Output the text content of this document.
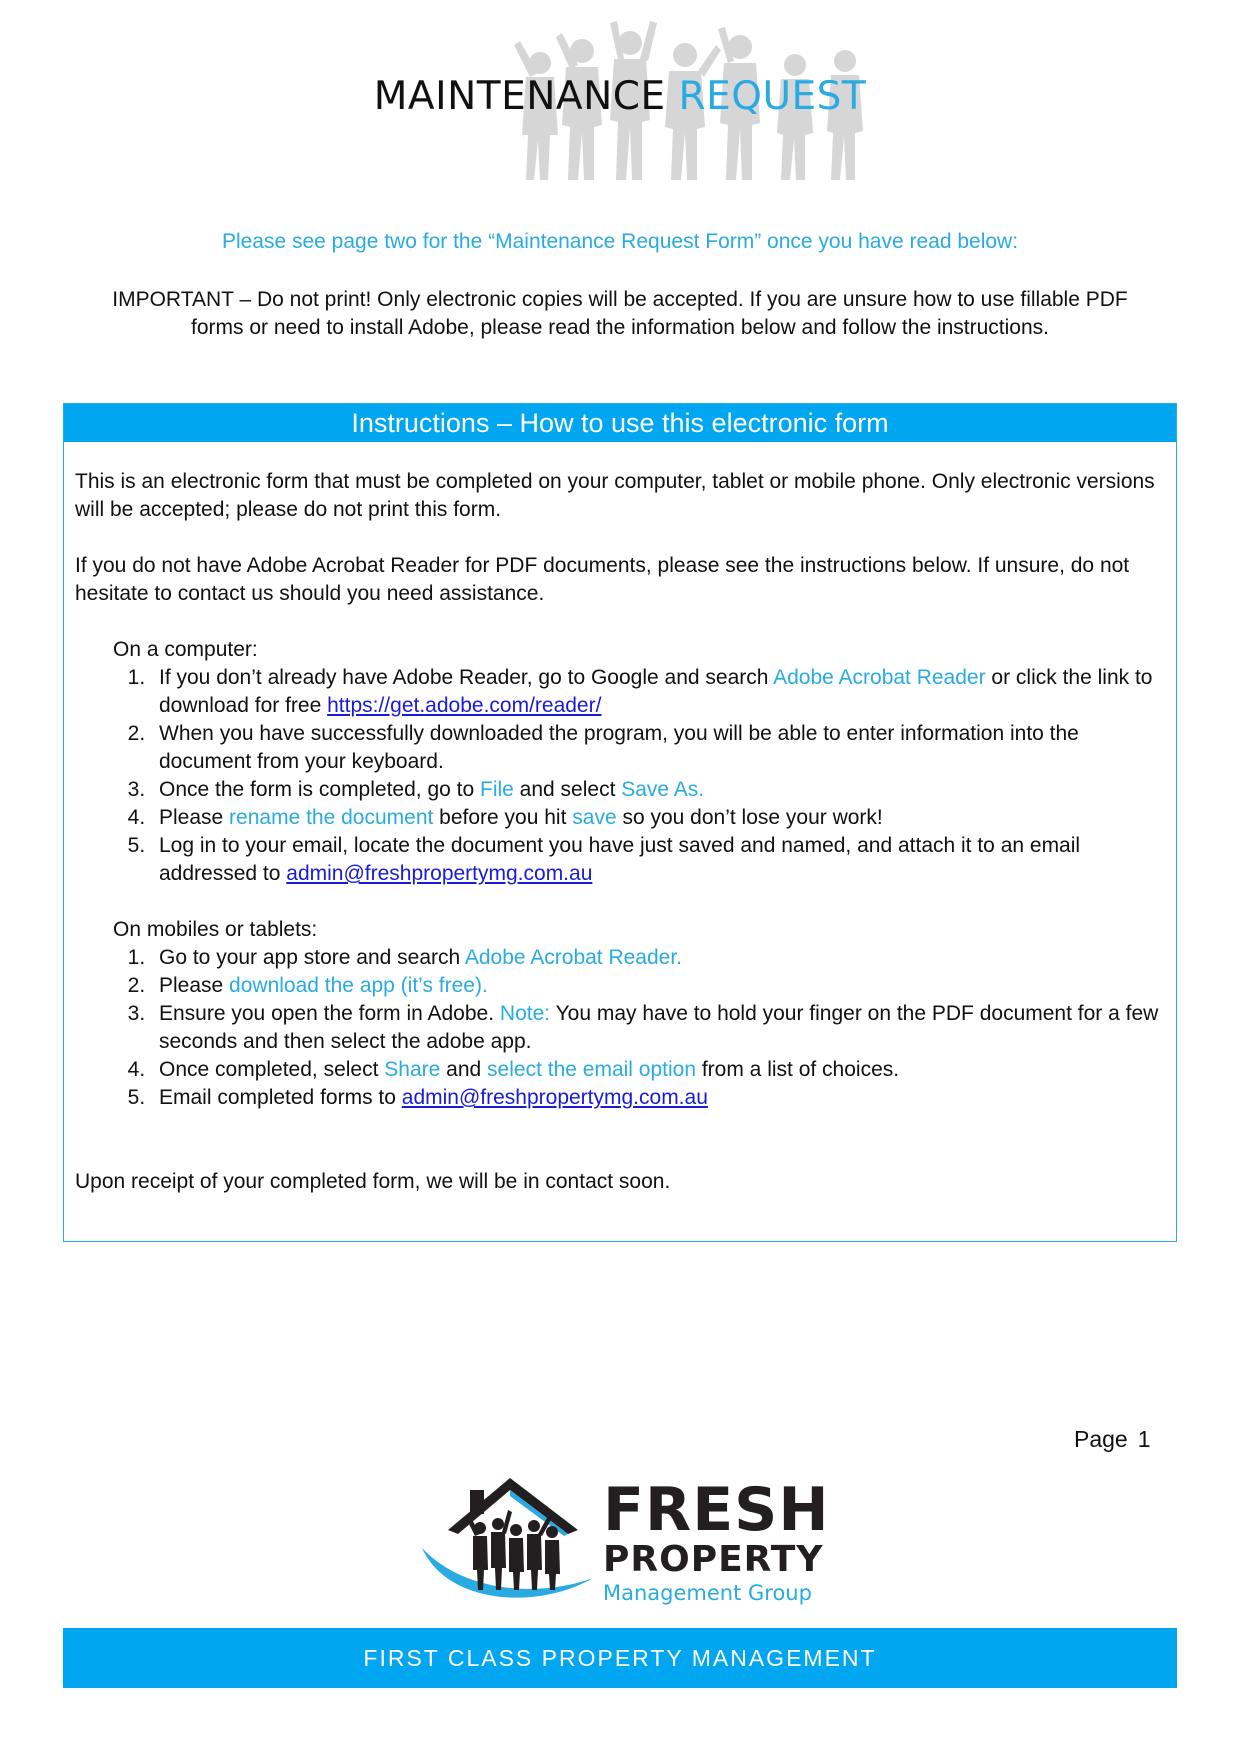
MAINTENANCE REQUEST
Please see page two for the “Maintenance Request Form” once you have read below:
IMPORTANT – Do not print! Only electronic copies will be accepted. If you are unsure how to use fillable PDF forms or need to install Adobe, please read the information below and follow the instructions.
Instructions – How to use this electronic form

This is an electronic form that must be completed on your computer, tablet or mobile phone. Only electronic versions will be accepted; please do not print this form.

If you do not have Adobe Acrobat Reader for PDF documents, please see the instructions below. If unsure, do not hesitate to contact us should you need assistance.

On a computer:

1. If you don’t already have Adobe Reader, go to Google and search Adobe Acrobat Reader or click the link to download for free https://get.adobe.com/reader/
2. When you have successfully downloaded the program, you will be able to enter information into the document from your keyboard.
3. Once the form is completed, go to File and select Save As.
4. Please rename the document before you hit save so you don’t lose your work!
5. Log in to your email, locate the document you have just saved and named, and attach it to an email addressed to admin@freshpropertymg.com.au

On mobiles or tablets:

1. Go to your app store and search Adobe Acrobat Reader.
2. Please download the app (it’s free).
3. Ensure you open the form in Adobe. Note: You may have to hold your finger on the PDF document for a few seconds and then select the adobe app.
4. Once completed, select Share and select the email option from a list of choices.
5. Email completed forms to admin@freshpropertymg.com.au

Upon receipt of your completed form, we will be in contact soon.

Page 1
FRESH
PROPERTY
Management Group
FIRST CLASS PROPERTY MANAGEMENT
